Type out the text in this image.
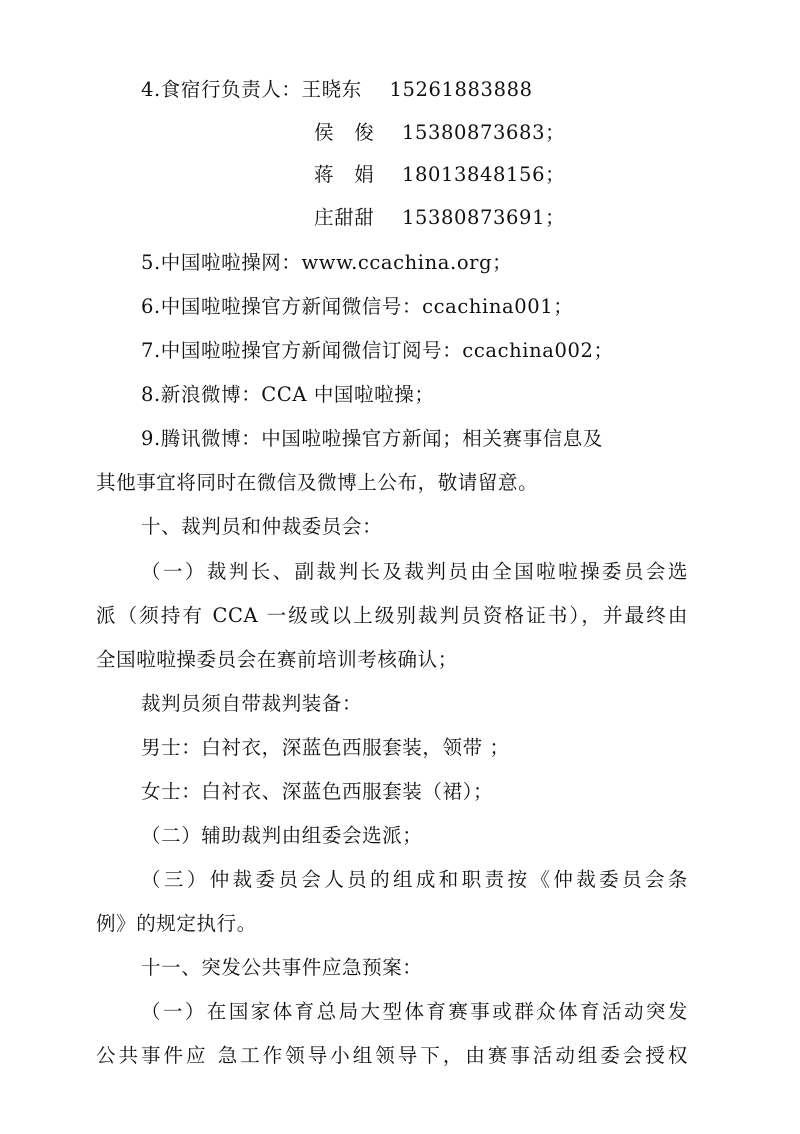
4.食宿行负责人：王晓东 15261883888
侯　俊 15380873683；
蒋　娟 18013848156；
庄甜甜 15380873691；
5.中国啦啦操网：www.ccachina.org；
6.中国啦啦操官方新闻微信号：ccachina001；
7.中国啦啦操官方新闻微信订阅号：ccachina002；
8.新浪微博：CCA 中国啦啦操；
9.腾讯微博：中国啦啦操官方新闻；相关赛事信息及
其他事宜将同时在微信及微博上公布，敬请留意。
十、裁判员和仲裁委员会：
（一）裁判长、副裁判长及裁判员由全国啦啦操委员会选
派（须持有 CCA 一级或以上级别裁判员资格证书），并最终由
全国啦啦操委员会在赛前培训考核确认；
裁判员须自带裁判装备：
男士：白衬衣，深蓝色西服套装，领带 ；
女士：白衬衣、深蓝色西服套装（裙）；
（二）辅助裁判由组委会选派；
（三）仲裁委员会人员的组成和职责按《仲裁委员会条
例》的规定执行。
十一、突发公共事件应急预案：
（一）在国家体育总局大型体育赛事或群众体育活动突发
公共事件应 急工作领导小组领导下，由赛事活动组委会授权
